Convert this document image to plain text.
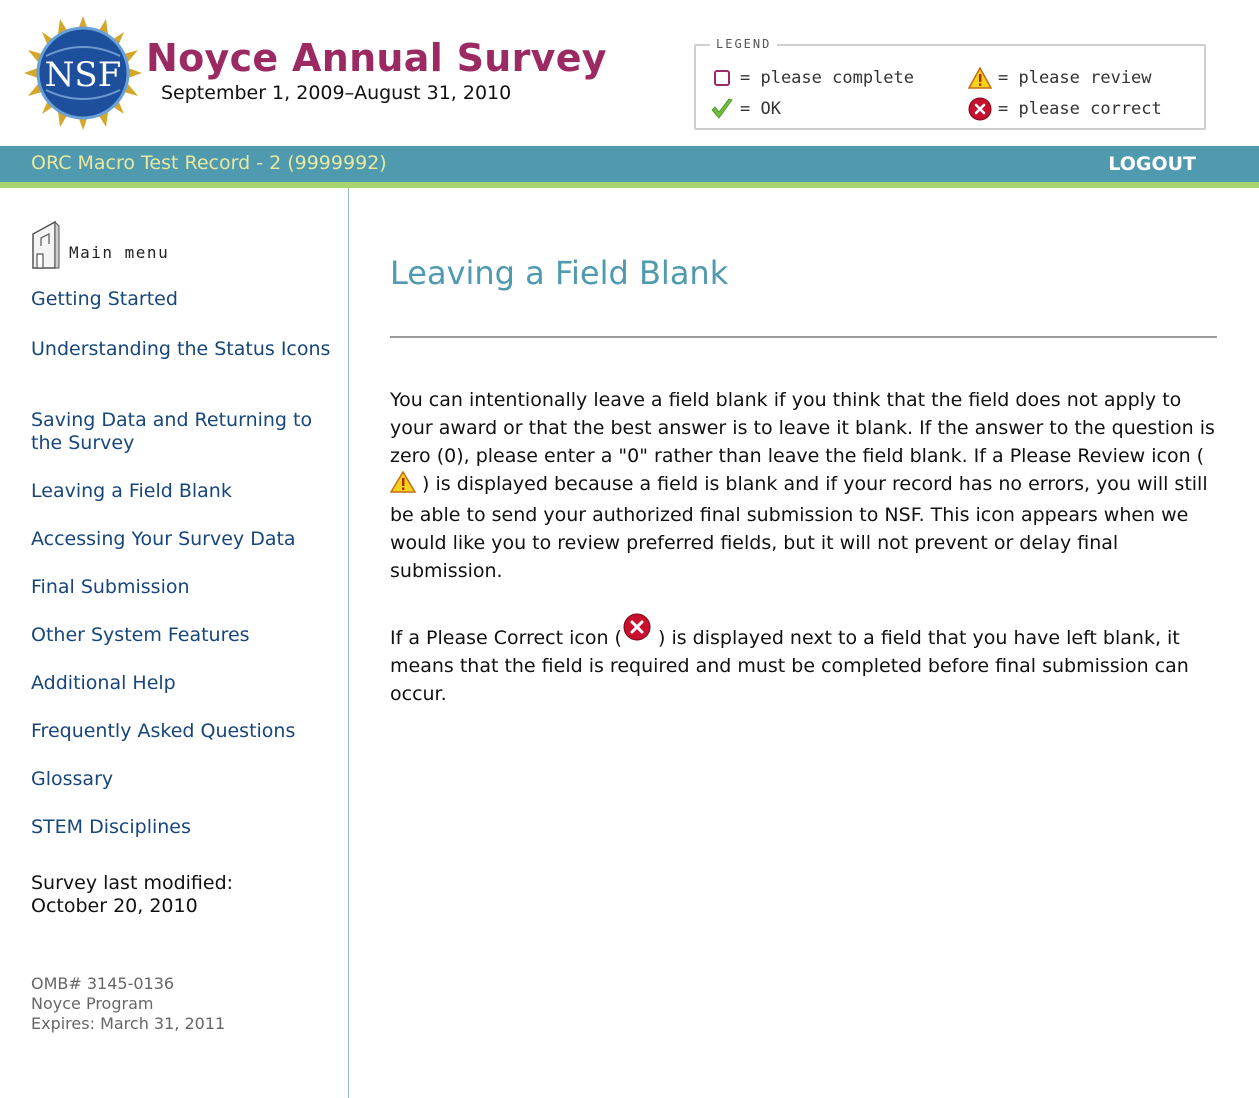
NSF Noyce Annual Survey
September 1, 2009–August 31, 2010
LEGEND
= please complete	= please review
= OK	= please correct
ORC Macro Test Record - 2 (9999992)	LOGOUT
Main menu
Getting Started
Understanding the Status Icons
Saving Data and Returning to the Survey
Leaving a Field Blank
Accessing Your Survey Data
Final Submission
Other System Features
Additional Help
Frequently Asked Questions
Glossary
STEM Disciplines
Survey last modified:
October 20, 2010
OMB# 3145-0136
Noyce Program
Expires: March 31, 2011
Leaving a Field Blank

You can intentionally leave a field blank if you think that the field does not apply to your award or that the best answer is to leave it blank. If the answer to the question is zero (0), please enter a "0" rather than leave the field blank. If a Please Review icon ( ) is displayed because a field is blank and if your record has no errors, you will still be able to send your authorized final submission to NSF. This icon appears when we would like you to review preferred fields, but it will not prevent or delay final submission.

If a Please Correct icon ( ) is displayed next to a field that you have left blank, it means that the field is required and must be completed before final submission can occur.
